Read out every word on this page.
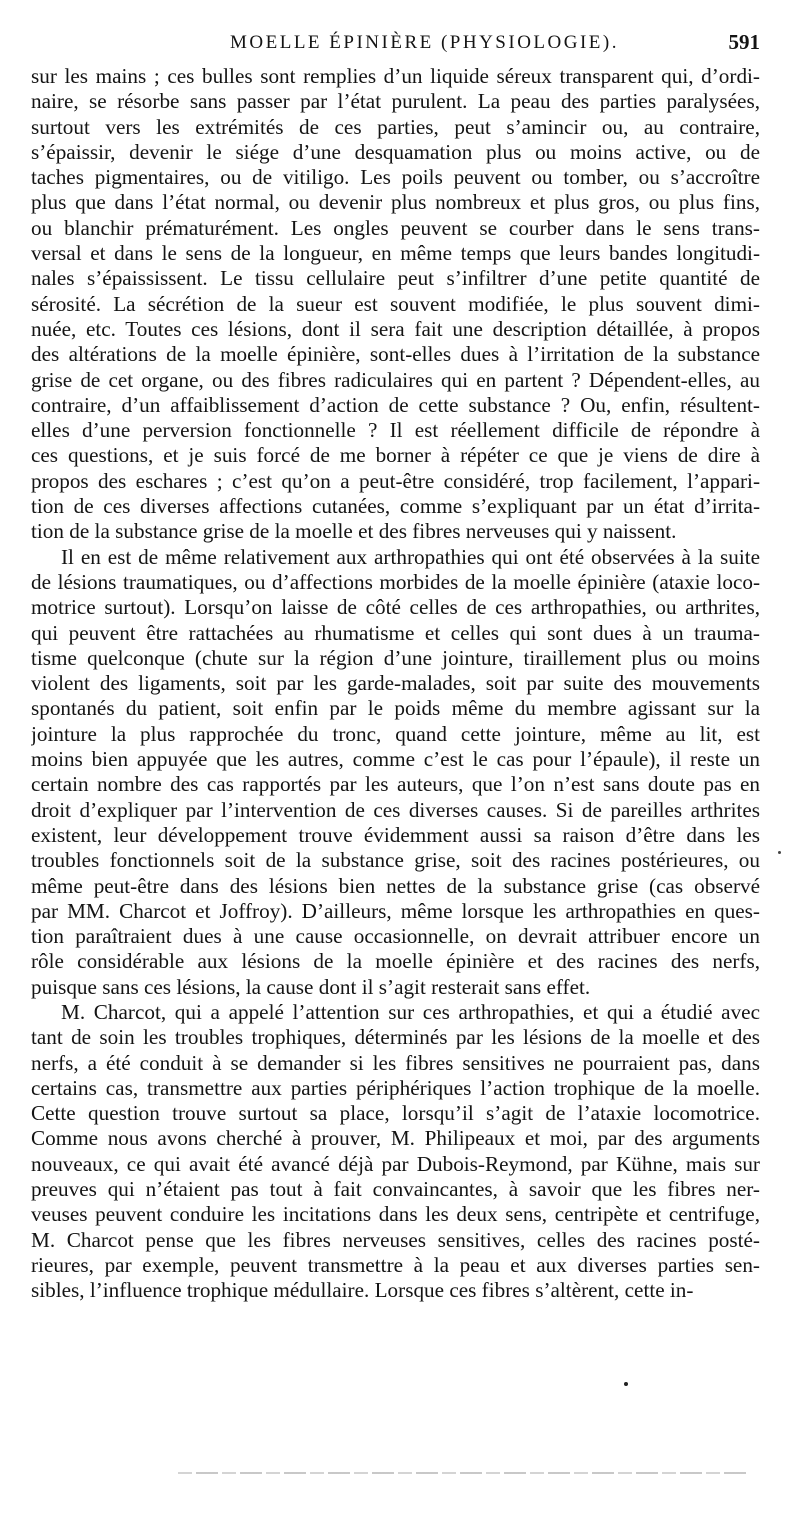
MOELLE ÉPINIÈRE (PHYSIOLOGIE).	591

sur les mains ; ces bulles sont remplies d’un liquide séreux transparent qui, d’ordi-
naire, se résorbe sans passer par l’état purulent. La peau des parties paralysées,
surtout vers les extrémités de ces parties, peut s’amincir ou, au contraire,
s’épaissir, devenir le siége d’une desquamation plus ou moins active, ou de
taches pigmentaires, ou de vitiligo. Les poils peuvent ou tomber, ou s’accroître
plus que dans l’état normal, ou devenir plus nombreux et plus gros, ou plus fins,
ou blanchir prématurément. Les ongles peuvent se courber dans le sens trans-
versal et dans le sens de la longueur, en même temps que leurs bandes longitudi-
nales s’épaississent. Le tissu cellulaire peut s’infiltrer d’une petite quantité de
sérosité. La sécrétion de la sueur est souvent modifiée, le plus souvent dimi-
nuée, etc. Toutes ces lésions, dont il sera fait une description détaillée, à propos
des altérations de la moelle épinière, sont-elles dues à l’irritation de la substance
grise de cet organe, ou des fibres radiculaires qui en partent ? Dépendent-elles, au
contraire, d’un affaiblissement d’action de cette substance ? Ou, enfin, résultent-
elles d’une perversion fonctionnelle ? Il est réellement difficile de répondre à
ces questions, et je suis forcé de me borner à répéter ce que je viens de dire à
propos des eschares ; c’est qu’on a peut-être considéré, trop facilement, l’appari-
tion de ces diverses affections cutanées, comme s’expliquant par un état d’irrita-
tion de la substance grise de la moelle et des fibres nerveuses qui y naissent.

Il en est de même relativement aux arthropathies qui ont été observées à la suite
de lésions traumatiques, ou d’affections morbides de la moelle épinière (ataxie loco-
motrice surtout). Lorsqu’on laisse de côté celles de ces arthropathies, ou arthrites,
qui peuvent être rattachées au rhumatisme et celles qui sont dues à un trauma-
tisme quelconque (chute sur la région d’une jointure, tiraillement plus ou moins
violent des ligaments, soit par les garde-malades, soit par suite des mouvements
spontanés du patient, soit enfin par le poids même du membre agissant sur la
jointure la plus rapprochée du tronc, quand cette jointure, même au lit, est
moins bien appuyée que les autres, comme c’est le cas pour l’épaule), il reste un
certain nombre des cas rapportés par les auteurs, que l’on n’est sans doute pas en
droit d’expliquer par l’intervention de ces diverses causes. Si de pareilles arthrites
existent, leur développement trouve évidemment aussi sa raison d’être dans les
troubles fonctionnels soit de la substance grise, soit des racines postérieures, ou
même peut-être dans des lésions bien nettes de la substance grise (cas observé
par MM. Charcot et Joffroy). D’ailleurs, même lorsque les arthropathies en ques-
tion paraîtraient dues à une cause occasionnelle, on devrait attribuer encore un
rôle considérable aux lésions de la moelle épinière et des racines des nerfs,
puisque sans ces lésions, la cause dont il s’agit resterait sans effet.

M. Charcot, qui a appelé l’attention sur ces arthropathies, et qui a étudié avec
tant de soin les troubles trophiques, déterminés par les lésions de la moelle et des
nerfs, a été conduit à se demander si les fibres sensitives ne pourraient pas, dans
certains cas, transmettre aux parties périphériques l’action trophique de la moelle.
Cette question trouve surtout sa place, lorsqu’il s’agit de l’ataxie locomotrice.
Comme nous avons cherché à prouver, M. Philipeaux et moi, par des arguments
nouveaux, ce qui avait été avancé déjà par Dubois-Reymond, par Kühne, mais sur
preuves qui n’étaient pas tout à fait convaincantes, à savoir que les fibres ner-
veuses peuvent conduire les incitations dans les deux sens, centripète et centrifuge,
M. Charcot pense que les fibres nerveuses sensitives, celles des racines posté-
rieures, par exemple, peuvent transmettre à la peau et aux diverses parties sen-
sibles, l’influence trophique médullaire. Lorsque ces fibres s’altèrent, cette in-
